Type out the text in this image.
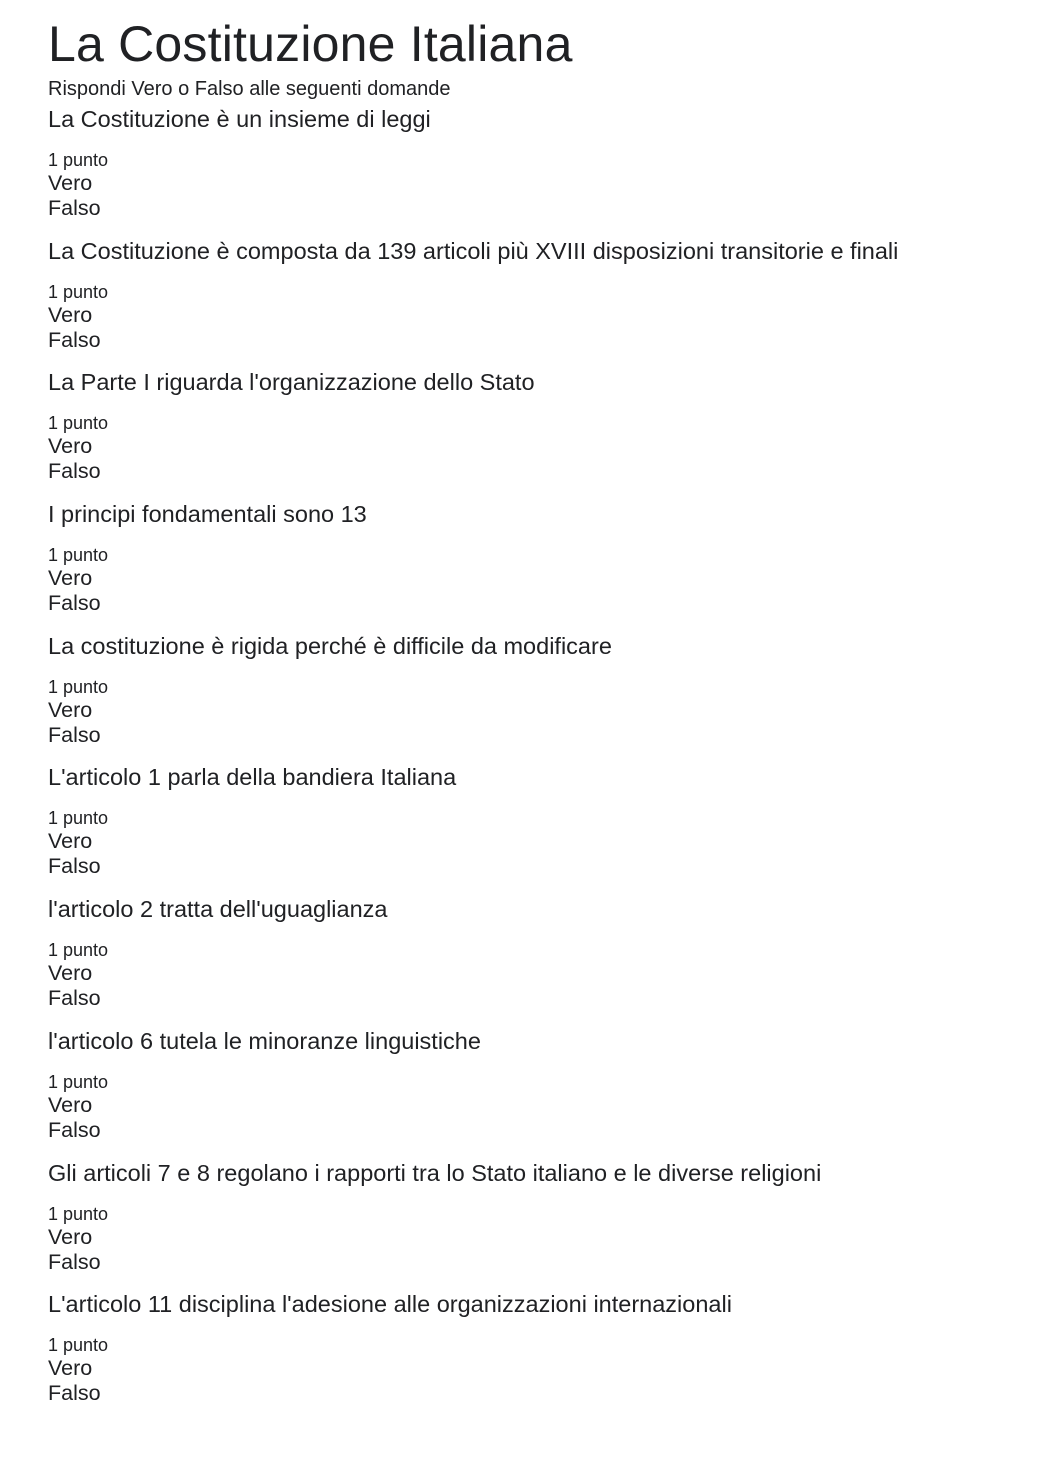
La Costituzione Italiana
Rispondi Vero o Falso alle seguenti domande

La Costituzione è un insieme di leggi

1 punto
Vero
Falso

La Costituzione è composta da 139 articoli più XVIII disposizioni transitorie e finali

1 punto
Vero
Falso

La Parte I riguarda l'organizzazione dello Stato

1 punto
Vero
Falso

I principi fondamentali sono 13

1 punto
Vero
Falso

La costituzione è rigida perché è difficile da modificare

1 punto
Vero
Falso

L'articolo 1 parla della bandiera Italiana

1 punto
Vero
Falso

l'articolo 2 tratta dell'uguaglianza

1 punto
Vero
Falso

l'articolo 6 tutela le minoranze linguistiche

1 punto
Vero
Falso

Gli articoli 7 e 8 regolano i rapporti tra lo Stato italiano e le diverse religioni

1 punto
Vero
Falso

L'articolo 11 disciplina l'adesione alle organizzazioni internazionali

1 punto
Vero
Falso
